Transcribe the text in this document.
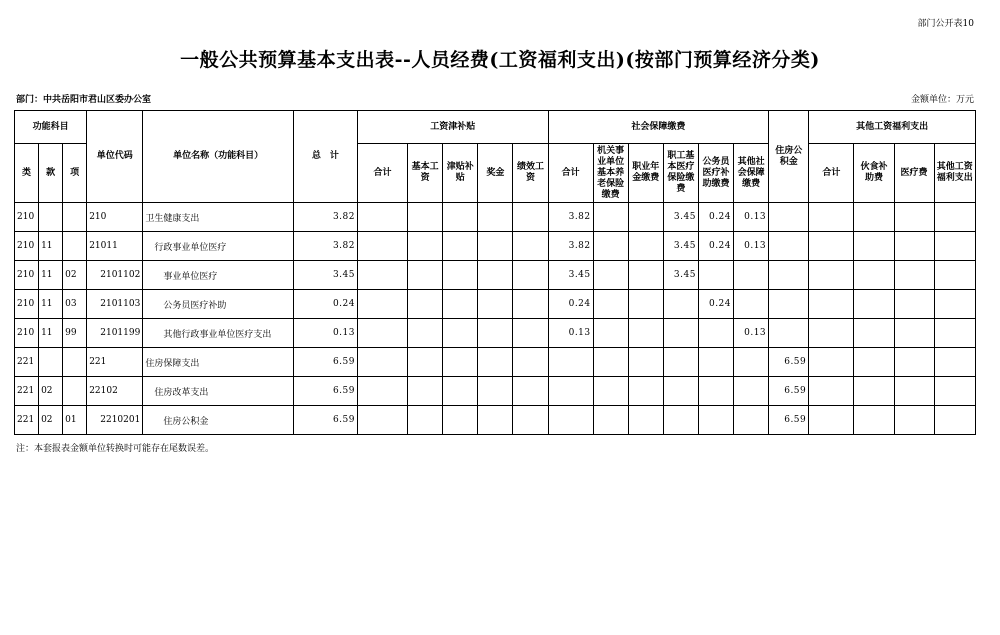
部门公开表10
一般公共预算基本支出表--人员经费(工资福利支出)(按部门预算经济分类)
部门：中共岳阳市君山区委办公室	金额单位：万元
功能科目			单位代码	单位名称（功能科目）	总　计	工资津补贴					社会保障缴费						住房公积金	其他工资福利支出			
类	款	项				合计	基本工资	津贴补贴	奖金	绩效工资	合计	机关事业单位基本养老保险缴费	职业年金缴费	职工基本医疗保险缴费	公务员医疗补助缴费	其他社会保障缴费		合计	伙食补助费	医疗费	其他工资福利支出
210			210	卫生健康支出	3.82						3.82			3.45	0.24	0.13					
210	11		21011	行政事业单位医疗	3.82						3.82			3.45	0.24	0.13					
210	11	02	2101102	事业单位医疗	3.45						3.45			3.45							
210	11	03	2101103	公务员医疗补助	0.24						0.24				0.24						
210	11	99	2101199	其他行政事业单位医疗支出	0.13						0.13					0.13					
221			221	住房保障支出	6.59												6.59				
221	02		22102	住房改革支出	6.59												6.59				
221	02	01	2210201	住房公积金	6.59												6.59				
注：本套报表金额单位转换时可能存在尾数误差。
